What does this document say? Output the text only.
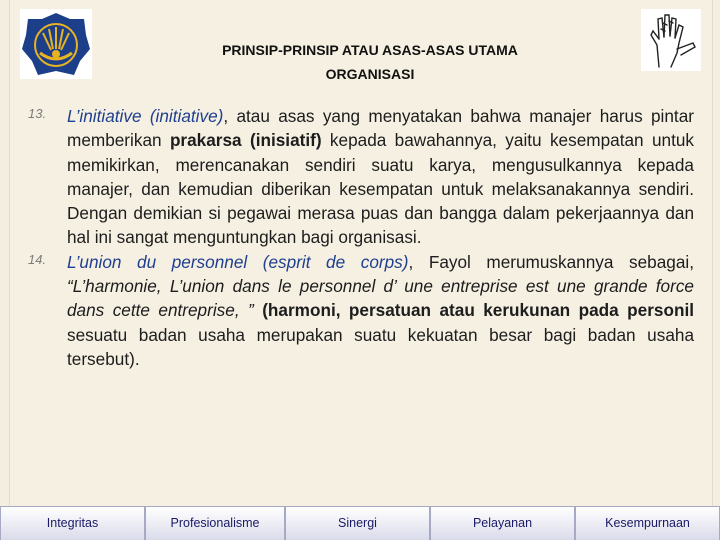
PRINSIP-PRINSIP ATAU ASAS-ASAS UTAMA
ORGANISASI
13. L’initiative (initiative), atau asas yang menyatakan bahwa manajer harus pintar memberikan prakarsa (inisiatif) kepada bawahannya, yaitu kesempatan untuk memikirkan, merencanakan sendiri suatu karya, mengusulkannya kepada manajer, dan kemudian diberikan kesempatan untuk melaksanakannya sendiri. Dengan demikian si pegawai merasa puas dan bangga dalam pekerjaannya dan hal ini sangat menguntungkan bagi organisasi.
14. L’union du personnel (esprit de corps), Fayol merumuskannya sebagai, “L’harmonie, L’union dans le personnel d’ une entreprise est une grande force dans cette entreprise, ” (harmoni, persatuan atau kerukunan pada personil sesuatu badan usaha merupakan suatu kekuatan besar bagi badan usaha tersebut).
Integritas	Profesionalisme	Sinergi	Pelayanan	Kesempurnaan
